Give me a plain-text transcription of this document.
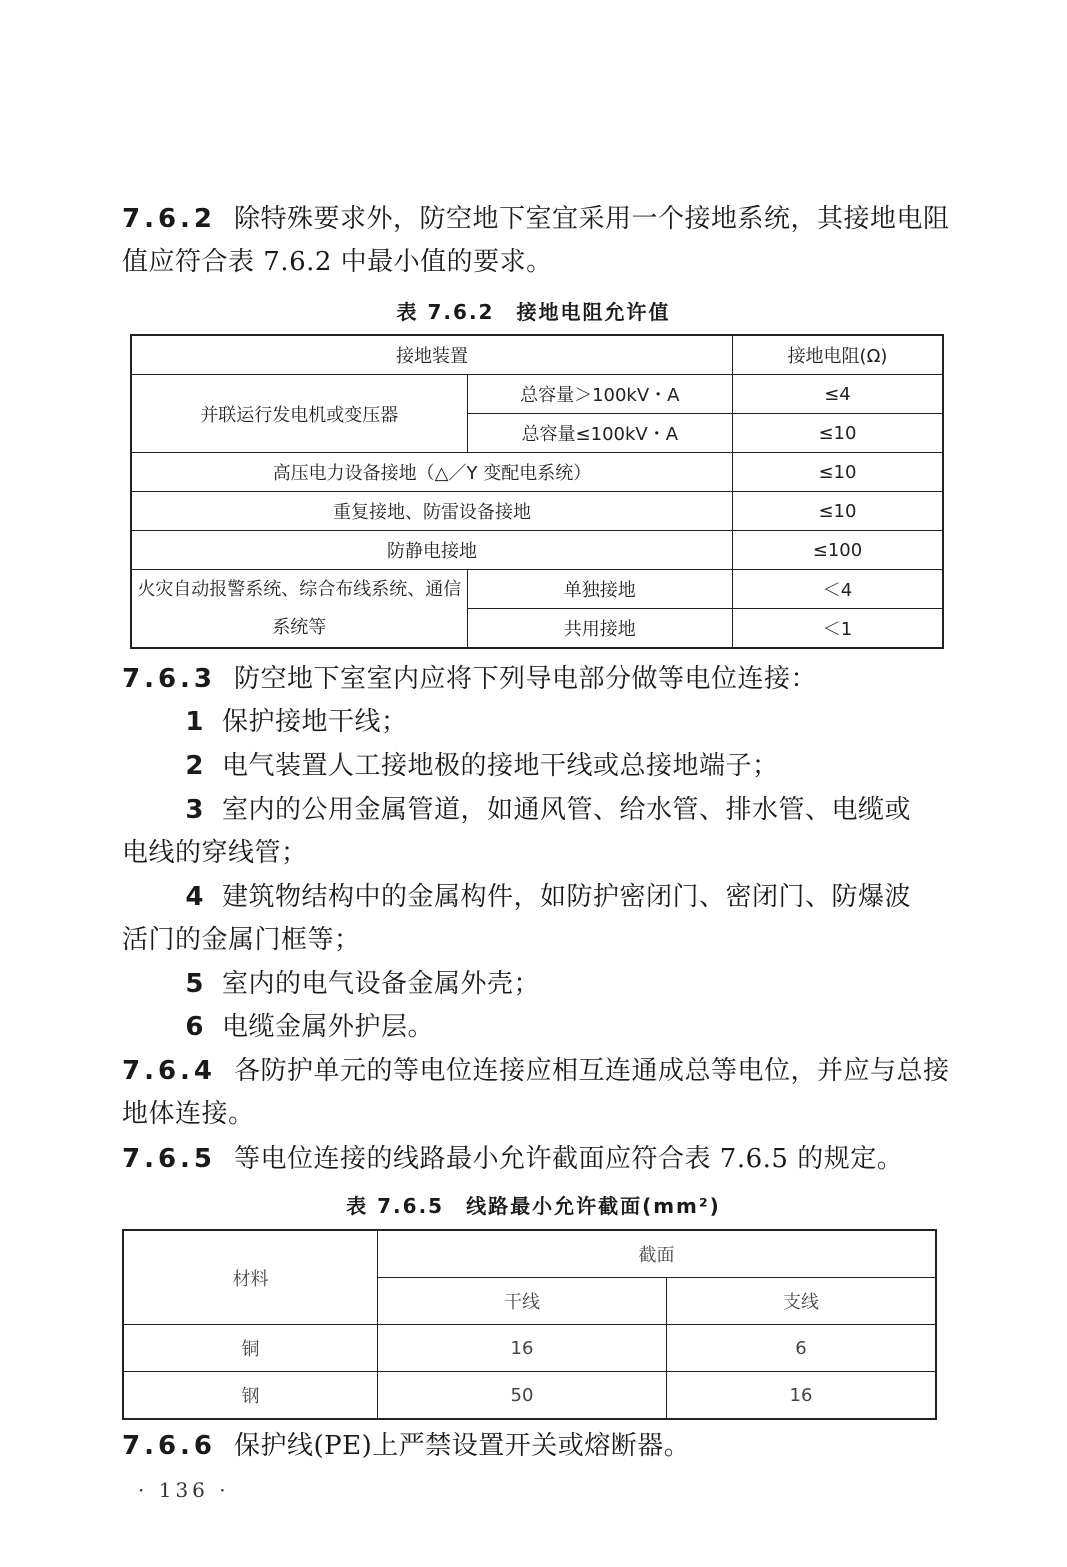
7.6.2 除特殊要求外，防空地下室宜采用一个接地系统，其接地电阻值应符合表 7.6.2 中最小值的要求。

表 7.6.2　接地电阻允许值

接地装置		接地电阻(Ω)
并联运行发电机或变压器	总容量＞100kV・A	≤4
	总容量≤100kV・A	≤10
高压电力设备接地（△／Y 变配电系统）		≤10
重复接地、防雷设备接地		≤10
防静电接地		≤100
火灾自动报警系统、综合布线系统、通信系统等	单独接地	＜4
	共用接地	＜1

7.6.3 防空地下室室内应将下列导电部分做等电位连接：

1 保护接地干线；

2 电气装置人工接地极的接地干线或总接地端子；

3 室内的公用金属管道，如通风管、给水管、排水管、电缆或

电线的穿线管；

4 建筑物结构中的金属构件，如防护密闭门、密闭门、防爆波

活门的金属门框等；

5 室内的电气设备金属外壳；

6 电缆金属外护层。

7.6.4 各防护单元的等电位连接应相互连通成总等电位，并应与总接地体连接。

7.6.5 等电位连接的线路最小允许截面应符合表 7.6.5 的规定。

表 7.6.5　线路最小允许截面(mm²)

材料	截面	
	干线	支线
铜	16	6
钢	50	16

7.6.6 保护线(PE)上严禁设置开关或熔断器。

· 136 ·
